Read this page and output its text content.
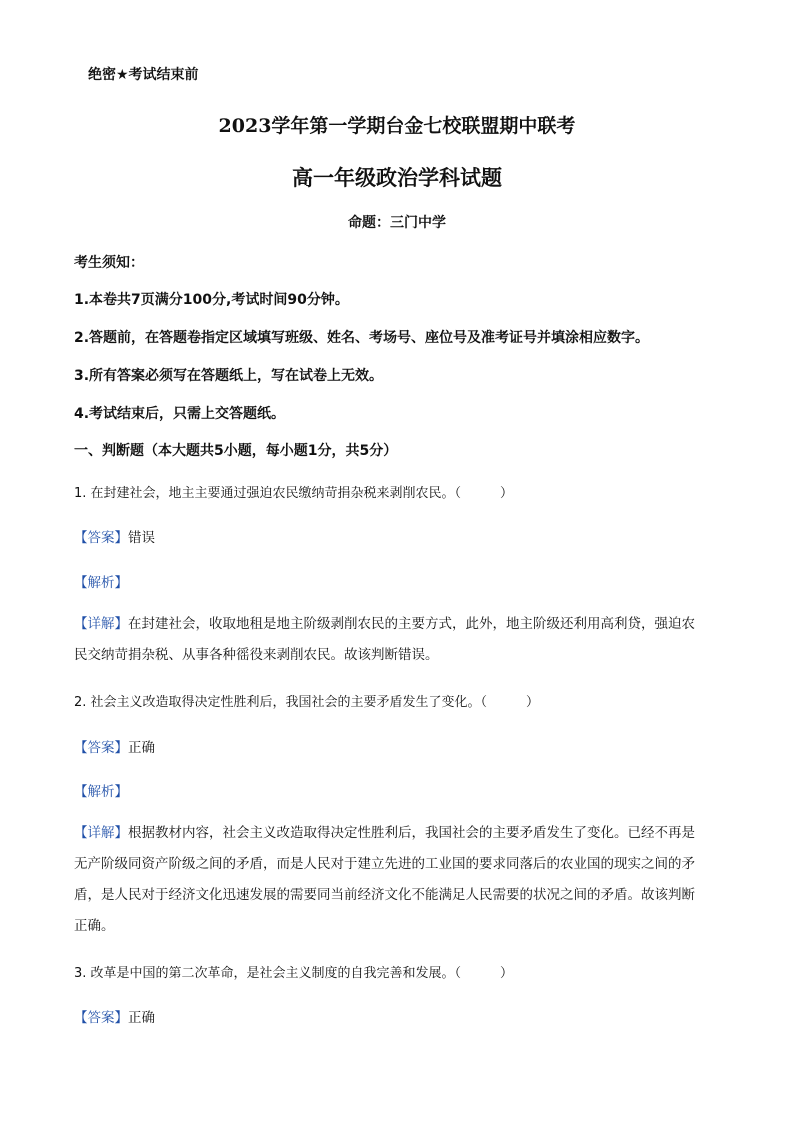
绝密★考试结束前
2023学年第一学期台金七校联盟期中联考
高一年级政治学科试题
命题：三门中学
考生须知：
1.本卷共7页满分100分,考试时间90分钟。
2.答题前，在答题卷指定区域填写班级、姓名、考场号、座位号及准考证号并填涂相应数字。
3.所有答案必须写在答题纸上，写在试卷上无效。
4.考试结束后，只需上交答题纸。
一、判断题（本大题共5小题，每小题1分，共5分）
1. 在封建社会，地主主要通过强迫农民缴纳苛捐杂税来剥削农民。（　　　）
【答案】错误
【解析】
【详解】在封建社会，收取地租是地主阶级剥削农民的主要方式，此外，地主阶级还利用高利贷，强迫农
民交纳苛捐杂税、从事各种徭役来剥削农民。故该判断错误。
2. 社会主义改造取得决定性胜利后，我国社会的主要矛盾发生了变化。（　　　）
【答案】正确
【解析】
【详解】根据教材内容，社会主义改造取得决定性胜利后，我国社会的主要矛盾发生了变化。已经不再是
无产阶级同资产阶级之间的矛盾，而是人民对于建立先进的工业国的要求同落后的农业国的现实之间的矛
盾，是人民对于经济文化迅速发展的需要同当前经济文化不能满足人民需要的状况之间的矛盾。故该判断
正确。
3. 改革是中国的第二次革命，是社会主义制度的自我完善和发展。（　　　）
【答案】正确
